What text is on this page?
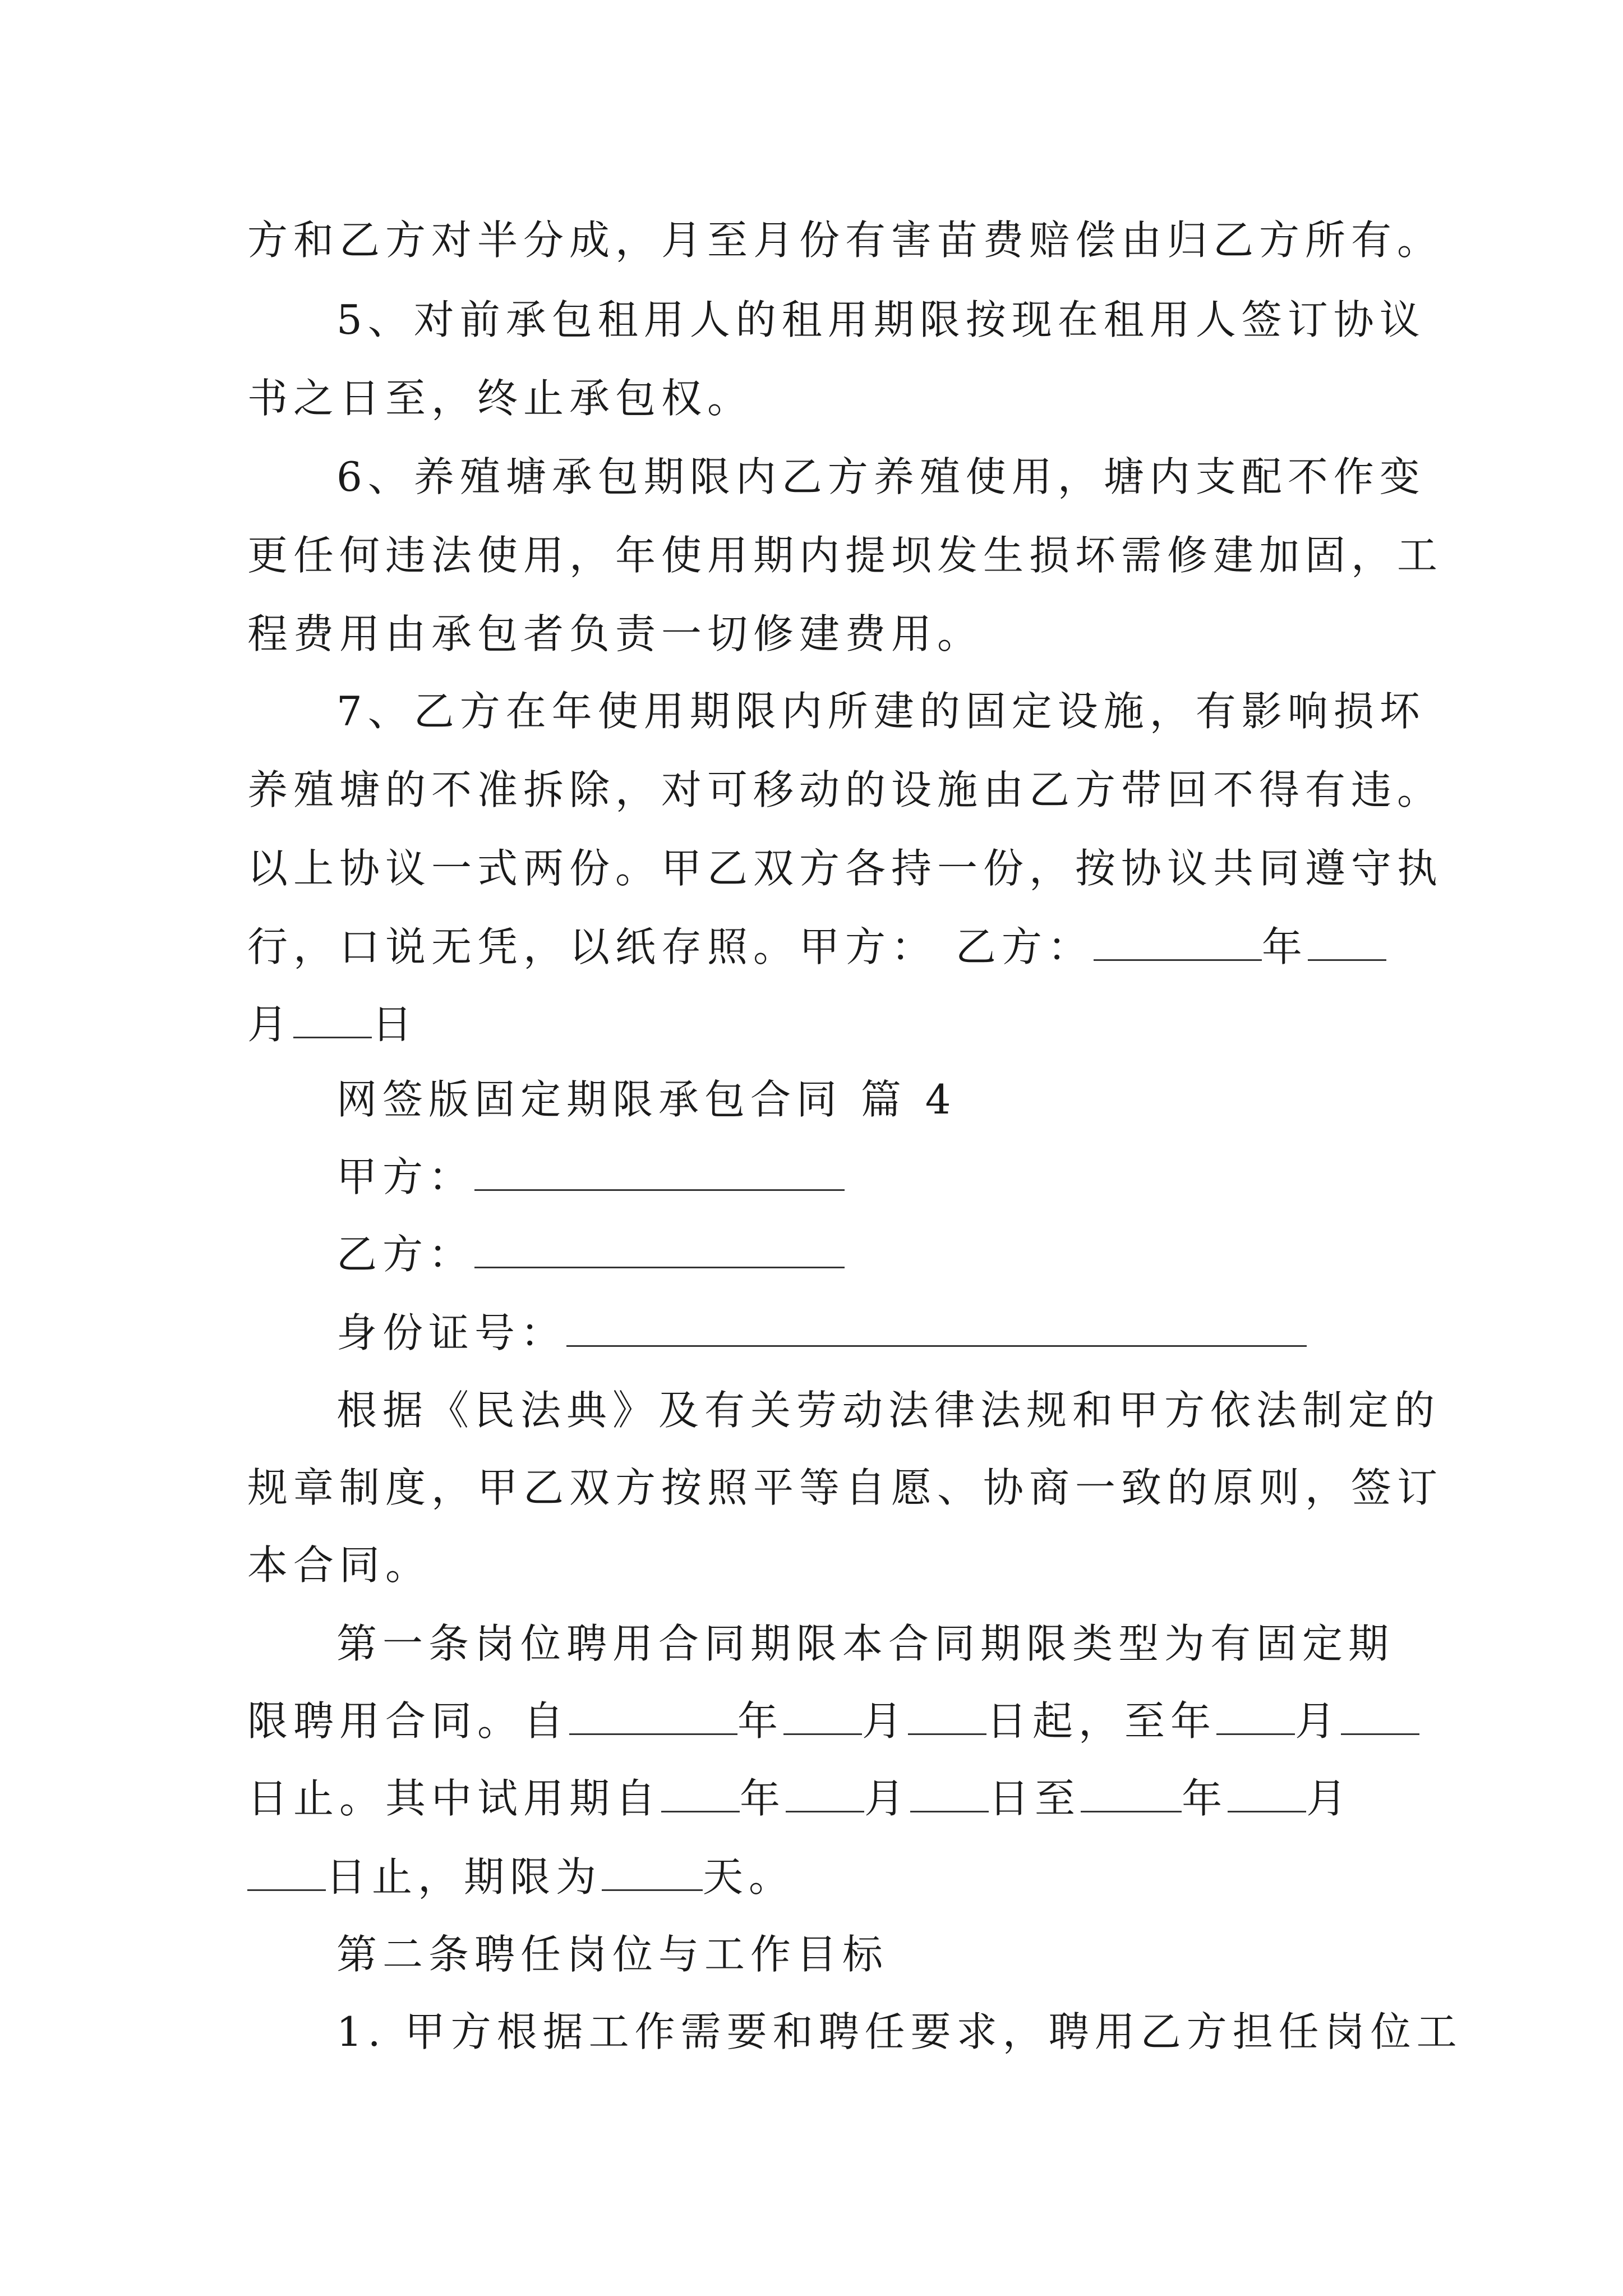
方和乙方对半分成，月至月份有害苗费赔偿由归乙方所有。
5、对前承包租用人的租用期限按现在租用人签订协议
书之日至，终止承包权。
6、养殖塘承包期限内乙方养殖使用，塘内支配不作变
更任何违法使用，年使用期内提坝发生损坏需修建加固，工
程费用由承包者负责一切修建费用。
7、乙方在年使用期限内所建的固定设施，有影响损坏
养殖塘的不准拆除，对可移动的设施由乙方带回不得有违。
以上协议一式两份。甲乙双方各持一份，按协议共同遵守执
行，口说无凭，以纸存照。甲方： 乙方：	年
月 日
网签版固定期限承包合同 篇 4
甲方：
乙方：
身份证号：
根据《民法典》及有关劳动法律法规和甲方依法制定的
规章制度，甲乙双方按照平等自愿、协商一致的原则，签订
本合同。
第一条岗位聘用合同期限本合同期限类型为有固定期
限聘用合同。自	年 月 日起，至年 月
日止。其中试用期自 年 月 日至	年 月
日止，期限为	天。
第二条聘任岗位与工作目标
1. 甲方根据工作需要和聘任要求，聘用乙方担任岗位工
